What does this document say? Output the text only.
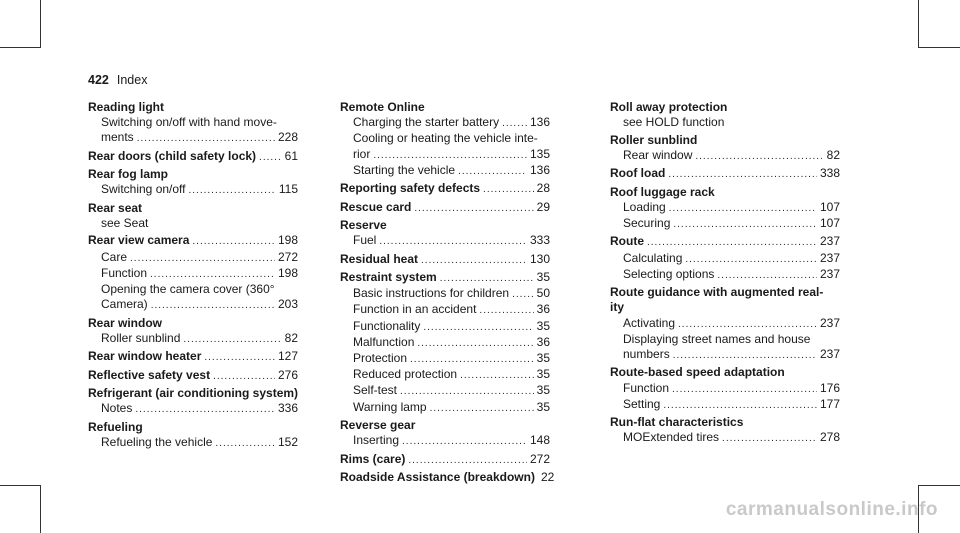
422 Index
Reading light
Switching on/off with hand move-
ments .....	228
Rear doors (child safety lock) ..... 61
Rear fog lamp
Switching on/off .....	115
Rear seat
see Seat
Rear view camera .....	198
Care .....	272
Function .....	198
Opening the camera cover (360°
Camera) .....	203
Rear window
Roller sunblind .....	82
Rear window heater .....	127
Reflective safety vest .....	276
Refrigerant (air conditioning system)
Notes .....	336
Refueling
Refueling the vehicle .....	152
Remote Online
Charging the starter battery .....	136
Cooling or heating the vehicle inte-
rior .....	135
Starting the vehicle .....	136
Reporting safety defects .....	28
Rescue card .....	29
Reserve
Fuel .....	333
Residual heat .....	130
Restraint system .....	35
Basic instructions for children ..... 50
Function in an accident .....	36
Functionality .....	35
Malfunction .....	36
Protection .....	35
Reduced protection .....	35
Self-test .....	35
Warning lamp .....	35
Reverse gear
Inserting .....	148
Rims (care) .....	272
Roadside Assistance (breakdown) 22
Roll away protection
see HOLD function
Roller sunblind
Rear window .....	82
Roof load .....	338
Roof luggage rack
Loading .....	107
Securing .....	107
Route .....	237
Calculating .....	237
Selecting options .....	237
Route guidance with augmented real-
ity
Activating .....	237
Displaying street names and house
numbers .....	237
Route-based speed adaptation
Function .....	176
Setting .....	177
Run-flat characteristics
MOExtended tires .....	278
carmanualsonline.info
